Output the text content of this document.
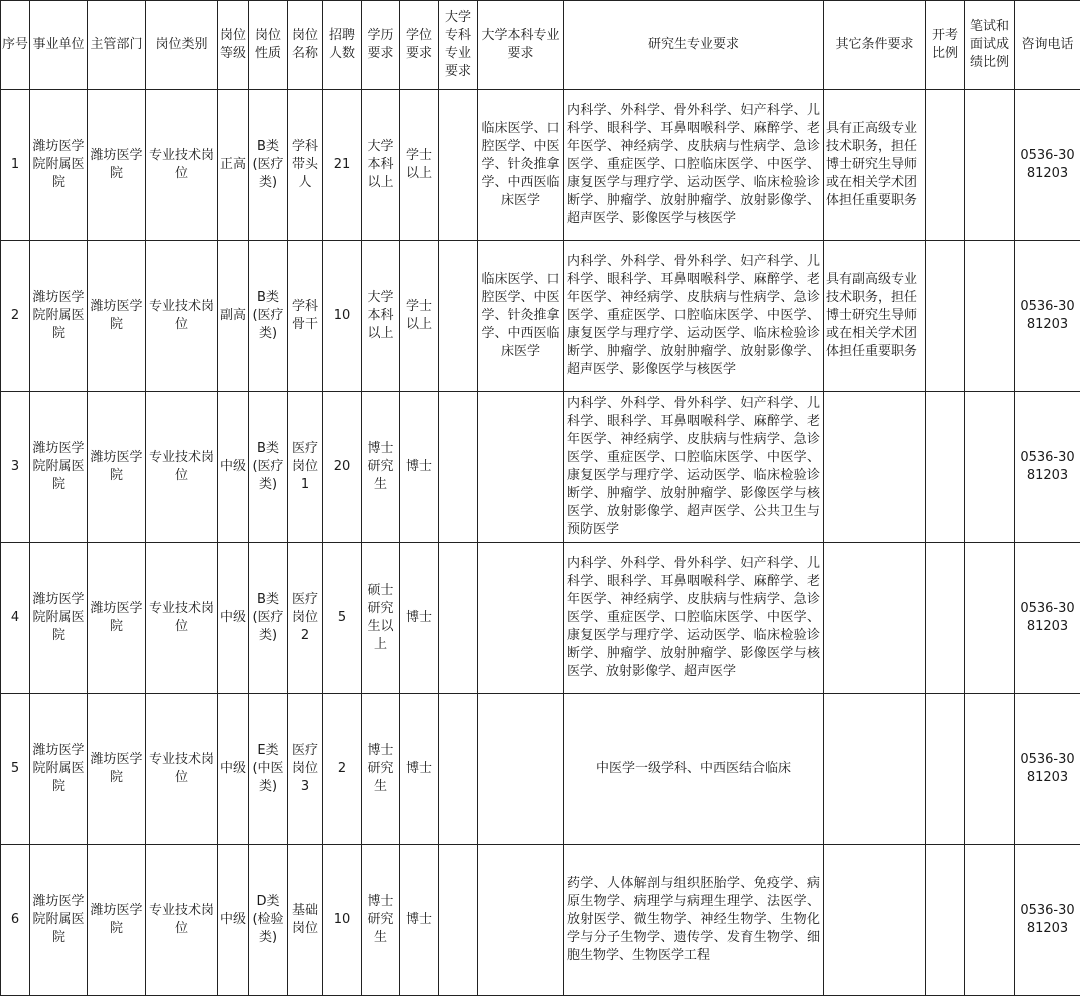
序号	事业单位	主管部门	岗位类别	岗位等级	岗位性质	岗位名称	招聘人数	学历要求	学位要求	大学专科专业要求	大学本科专业要求	研究生专业要求	其它条件要求	开考比例	笔试和面试成绩比例	咨询电话
1	潍坊医学院附属医院	潍坊医学院	专业技术岗位	正高	B类(医疗类)	学科带头人	21	大学本科以上	学士以上		临床医学、口腔医学、中医学、针灸推拿学、中西医临床医学	内科学、外科学、骨外科学、妇产科学、儿科学、眼科学、耳鼻咽喉科学、麻醉学、老年医学、神经病学、皮肤病与性病学、急诊医学、重症医学、口腔临床医学、中医学、康复医学与理疗学、运动医学、临床检验诊断学、肿瘤学、放射肿瘤学、放射影像学、超声医学、影像医学与核医学	具有正高级专业技术职务，担任博士研究生导师或在相关学术团体担任重要职务			0536-3081203
2	潍坊医学院附属医院	潍坊医学院	专业技术岗位	副高	B类(医疗类)	学科骨干	10	大学本科以上	学士以上		临床医学、口腔医学、中医学、针灸推拿学、中西医临床医学	内科学、外科学、骨外科学、妇产科学、儿科学、眼科学、耳鼻咽喉科学、麻醉学、老年医学、神经病学、皮肤病与性病学、急诊医学、重症医学、口腔临床医学、中医学、康复医学与理疗学、运动医学、临床检验诊断学、肿瘤学、放射肿瘤学、放射影像学、超声医学、影像医学与核医学	具有副高级专业技术职务，担任博士研究生导师或在相关学术团体担任重要职务			0536-3081203
3	潍坊医学院附属医院	潍坊医学院	专业技术岗位	中级	B类(医疗类)	医疗岗位1	20	博士研究生	博士			内科学、外科学、骨外科学、妇产科学、儿科学、眼科学、耳鼻咽喉科学、麻醉学、老年医学、神经病学、皮肤病与性病学、急诊医学、重症医学、口腔临床医学、中医学、康复医学与理疗学、运动医学、临床检验诊断学、肿瘤学、放射肿瘤学、影像医学与核医学、放射影像学、超声医学、公共卫生与预防医学				0536-3081203
4	潍坊医学院附属医院	潍坊医学院	专业技术岗位	中级	B类(医疗类)	医疗岗位2	5	硕士研究生以上	博士			内科学、外科学、骨外科学、妇产科学、儿科学、眼科学、耳鼻咽喉科学、麻醉学、老年医学、神经病学、皮肤病与性病学、急诊医学、重症医学、口腔临床医学、中医学、康复医学与理疗学、运动医学、临床检验诊断学、肿瘤学、放射肿瘤学、影像医学与核医学、放射影像学、超声医学				0536-3081203
5	潍坊医学院附属医院	潍坊医学院	专业技术岗位	中级	E类(中医类)	医疗岗位3	2	博士研究生	博士			中医学一级学科、中西医结合临床				0536-3081203
6	潍坊医学院附属医院	潍坊医学院	专业技术岗位	中级	D类(检验类)	基础岗位	10	博士研究生	博士			药学、人体解剖与组织胚胎学、免疫学、病原生物学、病理学与病理生理学、法医学、放射医学、微生物学、神经生物学、生物化学与分子生物学、遗传学、发育生物学、细胞生物学、生物医学工程				0536-3081203
